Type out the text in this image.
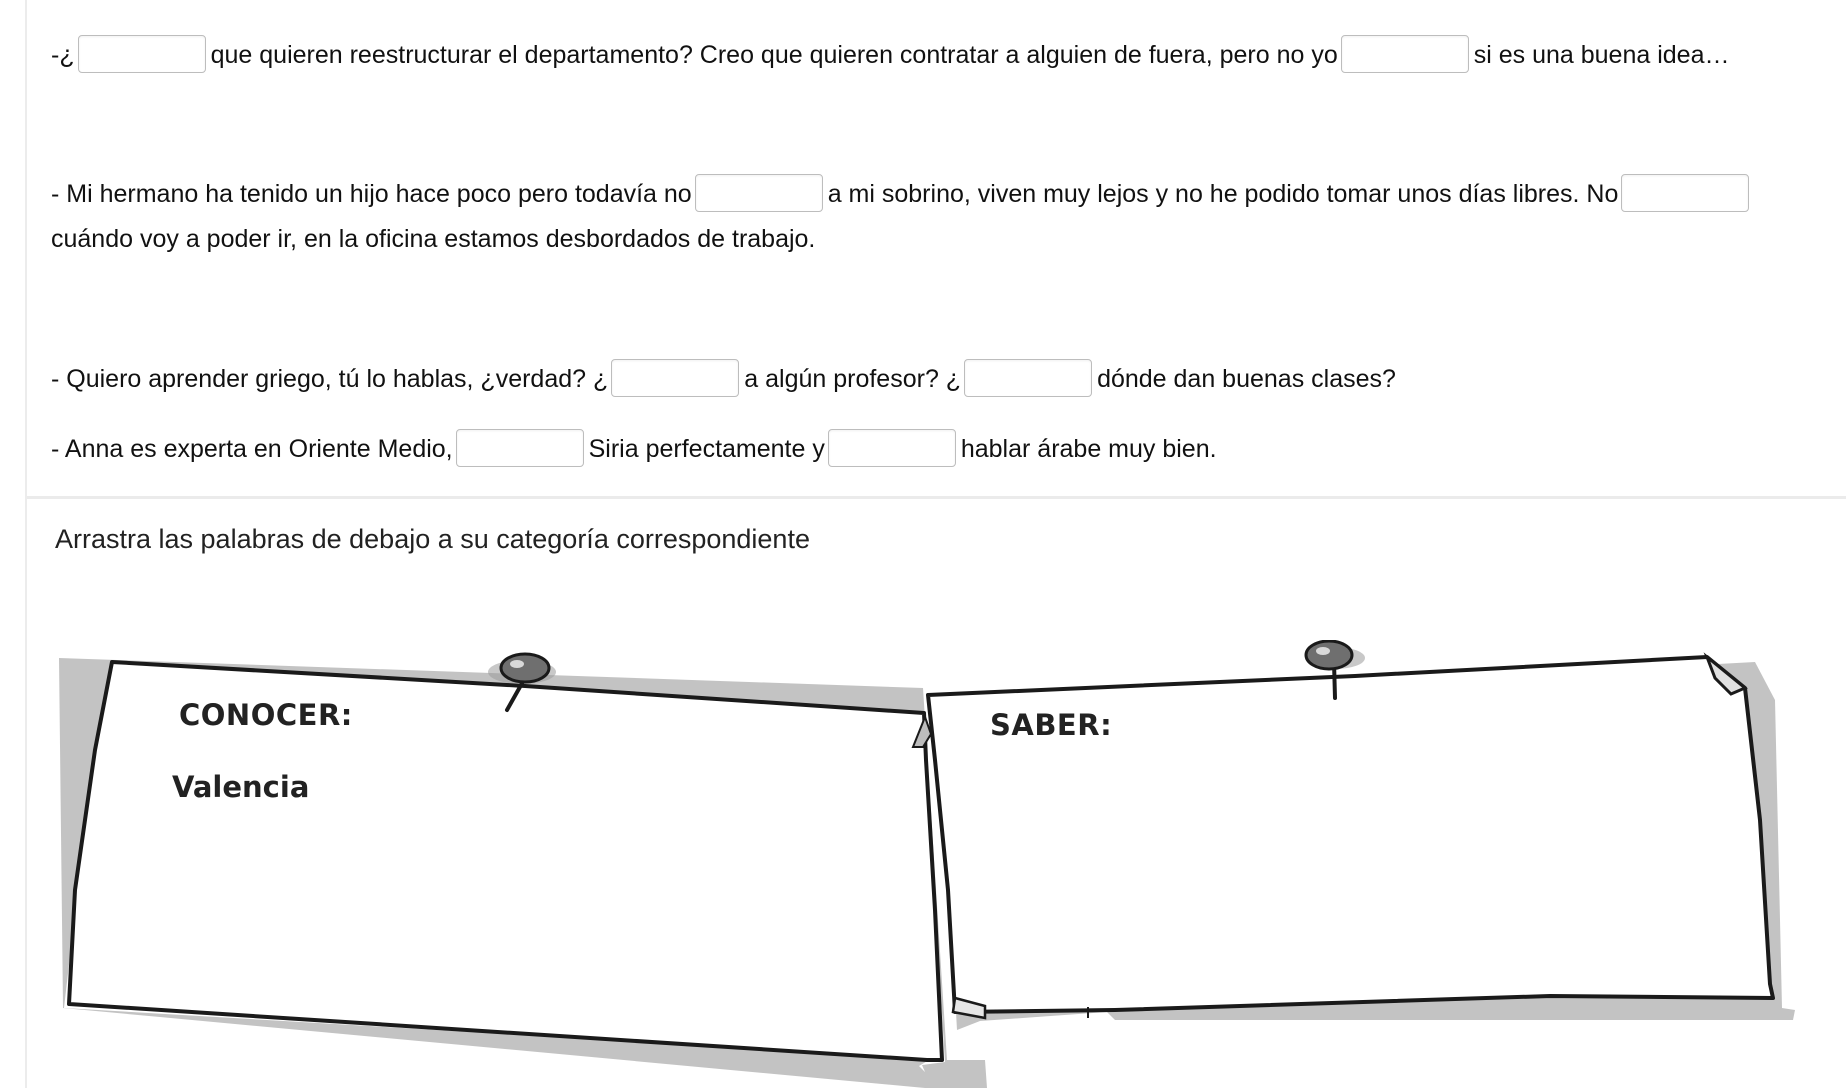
-¿	que quieren reestructurar el departamento? Creo que quieren contratar a alguien de fuera, pero no yo	si es una buena idea…
- Mi hermano ha tenido un hijo hace poco pero todavía no	a mi sobrino, viven muy lejos y no he podido tomar unos días libres. No
cuándo voy a poder ir, en la oficina estamos desbordados de trabajo.
- Quiero aprender griego, tú lo hablas, ¿verdad? ¿	a algún profesor? ¿	dónde dan buenas clases?
- Anna es experta en Oriente Medio,	Siria perfectamente y	hablar árabe muy bien.
Arrastra las palabras de debajo a su categoría correspondiente
CONOCER:
Valencia
SABER:
